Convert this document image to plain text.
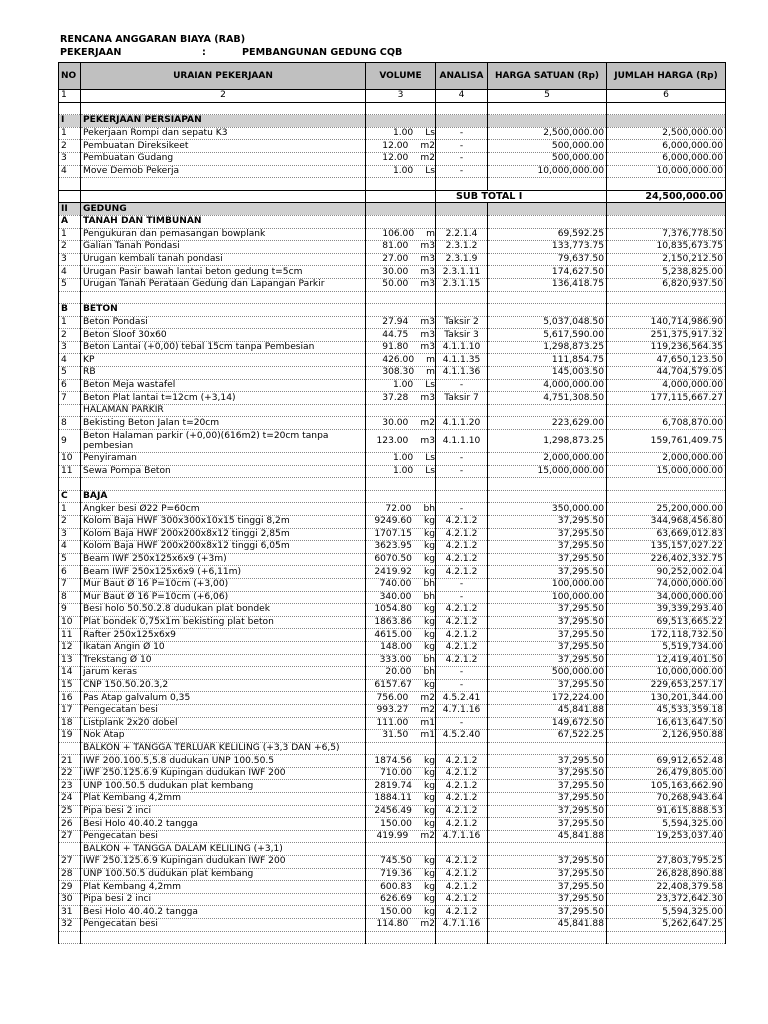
RENCANA ANGGARAN BIAYA (RAB)
PEKERJAAN	:	PEMBANGUNAN GEDUNG CQB
NO	URAIAN PEKERJAAN	VOLUME	ANALISA	HARGA SATUAN (Rp)	JUMLAH HARGA (Rp)
1	2	3	4	5	6

I	PEKERJAAN PERSIAPAN				
1	Pekerjaan Rompi dan sepatu K3	1.00 Ls	-	2,500,000.00	2,500,000.00
2	Pembuatan Direksikeet	12.00 m2	-	500,000.00	6,000,000.00
3	Pembuatan Gudang	12.00 m2	-	500,000.00	6,000,000.00
4	Move Demob Pekerja	1.00 Ls	-	10,000,000.00	10,000,000.00

			SUB TOTAL I		24,500,000.00
II	GEDUNG				
A	TANAH DAN TIMBUNAN				
1	Pengukuran dan pemasangan bowplank	106.00 m	2.2.1.4	69,592.25	7,376,778.50
2	Galian Tanah Pondasi	81.00 m3	2.3.1.2	133,773.75	10,835,673.75
3	Urugan kembali tanah pondasi	27.00 m3	2.3.1.9	79,637.50	2,150,212.50
4	Urugan Pasir bawah lantai beton gedung t=5cm	30.00 m3	2.3.1.11	174,627.50	5,238,825.00
5	Urugan Tanah Perataan Gedung dan Lapangan Parkir	50.00 m3	2.3.1.15	136,418.75	6,820,937.50

B	BETON				
1	Beton Pondasi	27.94 m3	Taksir 2	5,037,048.50	140,714,986.90
2	Beton Sloof 30x60	44.75 m3	Taksir 3	5,617,590.00	251,375,917.32
3	Beton Lantai (+0,00) tebal 15cm tanpa Pembesian	91.80 m3	4.1.1.10	1,298,873.25	119,236,564.35
4	KP	426.00 m	4.1.1.35	111,854.75	47,650,123.50
5	RB	308.30 m	4.1.1.36	145,003.50	44,704,579.05
6	Beton Meja wastafel	1.00 Ls	-	4,000,000.00	4,000,000.00
7	Beton Plat lantai t=12cm (+3,14)	37.28 m3	Taksir 7	4,751,308.50	177,115,667.27
	HALAMAN PARKIR	

8	Bekisting Beton Jalan t=20cm	30.00 m2	4.1.1.20	223,629.00	6,708,870.00
9	Beton Halaman parkir (+0,00)(616m2) t=20cm tanpa pembesian	123.00 m3	4.1.1.10	1,298,873.25	159,761,409.75
10	Penyiraman	1.00 Ls	-	2,000,000.00	2,000,000.00
11	Sewa Pompa Beton	1.00 Ls	-	15,000,000.00	15,000,000.00

C	BAJA				
1	Angker besi Ø22 P=60cm	72.00 bh	-	350,000.00	25,200,000.00
2	Kolom Baja HWF 300x300x10x15 tinggi 8,2m	9249.60 kg	4.2.1.2	37,295.50	344,968,456.80
3	Kolom Baja HWF 200x200x8x12 tinggi 2,85m	1707.15 kg	4.2.1.2	37,295.50	63,669,012.83
4	Kolom Baja HWF 200x200x8x12 tinggi 6,05m	3623.95 kg	4.2.1.2	37,295.50	135,157,027.22
5	Beam IWF 250x125x6x9 (+3m)	6070.50 kg	4.2.1.2	37,295.50	226,402,332.75
6	Beam IWF 250x125x6x9 (+6,11m)	2419.92 kg	4.2.1.2	37,295.50	90,252,002.04
7	Mur Baut Ø 16 P=10cm (+3,00)	740.00 bh	-	100,000.00	74,000,000.00
8	Mur Baut Ø 16 P=10cm (+6,06)	340.00 bh	-	100,000.00	34,000,000.00
9	Besi holo 50.50.2.8 dudukan plat bondek	1054.80 kg	4.2.1.2	37,295.50	39,339,293.40
10	Plat bondek 0,75x1m bekisting plat beton	1863.86 kg	4.2.1.2	37,295.50	69,513,665.22
11	Rafter 250x125x6x9	4615.00 kg	4.2.1.2	37,295.50	172,118,732.50
12	Ikatan Angin Ø 10	148.00 kg	4.2.1.2	37,295.50	5,519,734.00
13	Trekstang Ø 10	333.00 bh	4.2.1.2	37,295.50	12,419,401.50
14	jarum keras	20.00 bh	-	500,000.00	10,000,000.00
15	CNP 150.50.20.3,2	6157.67 kg	-	37,295.50	229,653,257.17
16	Pas Atap galvalum 0,35	756.00 m2	4.5.2.41	172,224.00	130,201,344.00
17	Pengecatan besi	993.27 m2	4.7.1.16	45,841.88	45,533,359.18
18	Listplank 2x20 dobel	111.00 m1	-	149,672.50	16,613,647.50
19	Nok Atap	31.50 m1	4.5.2.40	67,522.25	2,126,950.88
	BALKON + TANGGA TERLUAR KELILING (+3,3 DAN +6,5)	

21	IWF 200.100.5,5.8 dudukan UNP 100.50.5	1874.56 kg	4.2.1.2	37,295.50	69,912,652.48
22	IWF 250.125.6.9 Kupingan dudukan IWF 200	710.00 kg	4.2.1.2	37,295.50	26,479,805.00
23	UNP 100.50.5 dudukan plat kembang	2819.74 kg	4.2.1.2	37,295.50	105,163,662.90
24	Plat Kembang 4,2mm	1884.11 kg	4.2.1.2	37,295.50	70,268,943.64
25	Pipa besi 2 inci	2456.49 kg	4.2.1.2	37,295.50	91,615,888.53
26	Besi Holo 40.40.2 tangga	150.00 kg	4.2.1.2	37,295.50	5,594,325.00
27	Pengecatan besi	419.99 m2	4.7.1.16	45,841.88	19,253,037.40
	BALKON + TANGGA DALAM KELILING (+3,1)	

27	IWF 250.125.6.9 Kupingan dudukan IWF 200	745.50 kg	4.2.1.2	37,295.50	27,803,795.25
28	UNP 100.50.5 dudukan plat kembang	719.36 kg	4.2.1.2	37,295.50	26,828,890.88
29	Plat Kembang 4,2mm	600.83 kg	4.2.1.2	37,295.50	22,408,379.58
30	Pipa besi 2 inci	626.69 kg	4.2.1.2	37,295.50	23,372,642.30
31	Besi Holo 40.40.2 tangga	150.00 kg	4.2.1.2	37,295.50	5,594,325.00
32	Pengecatan besi	114.80 m2	4.7.1.16	45,841.88	5,262,647.25
